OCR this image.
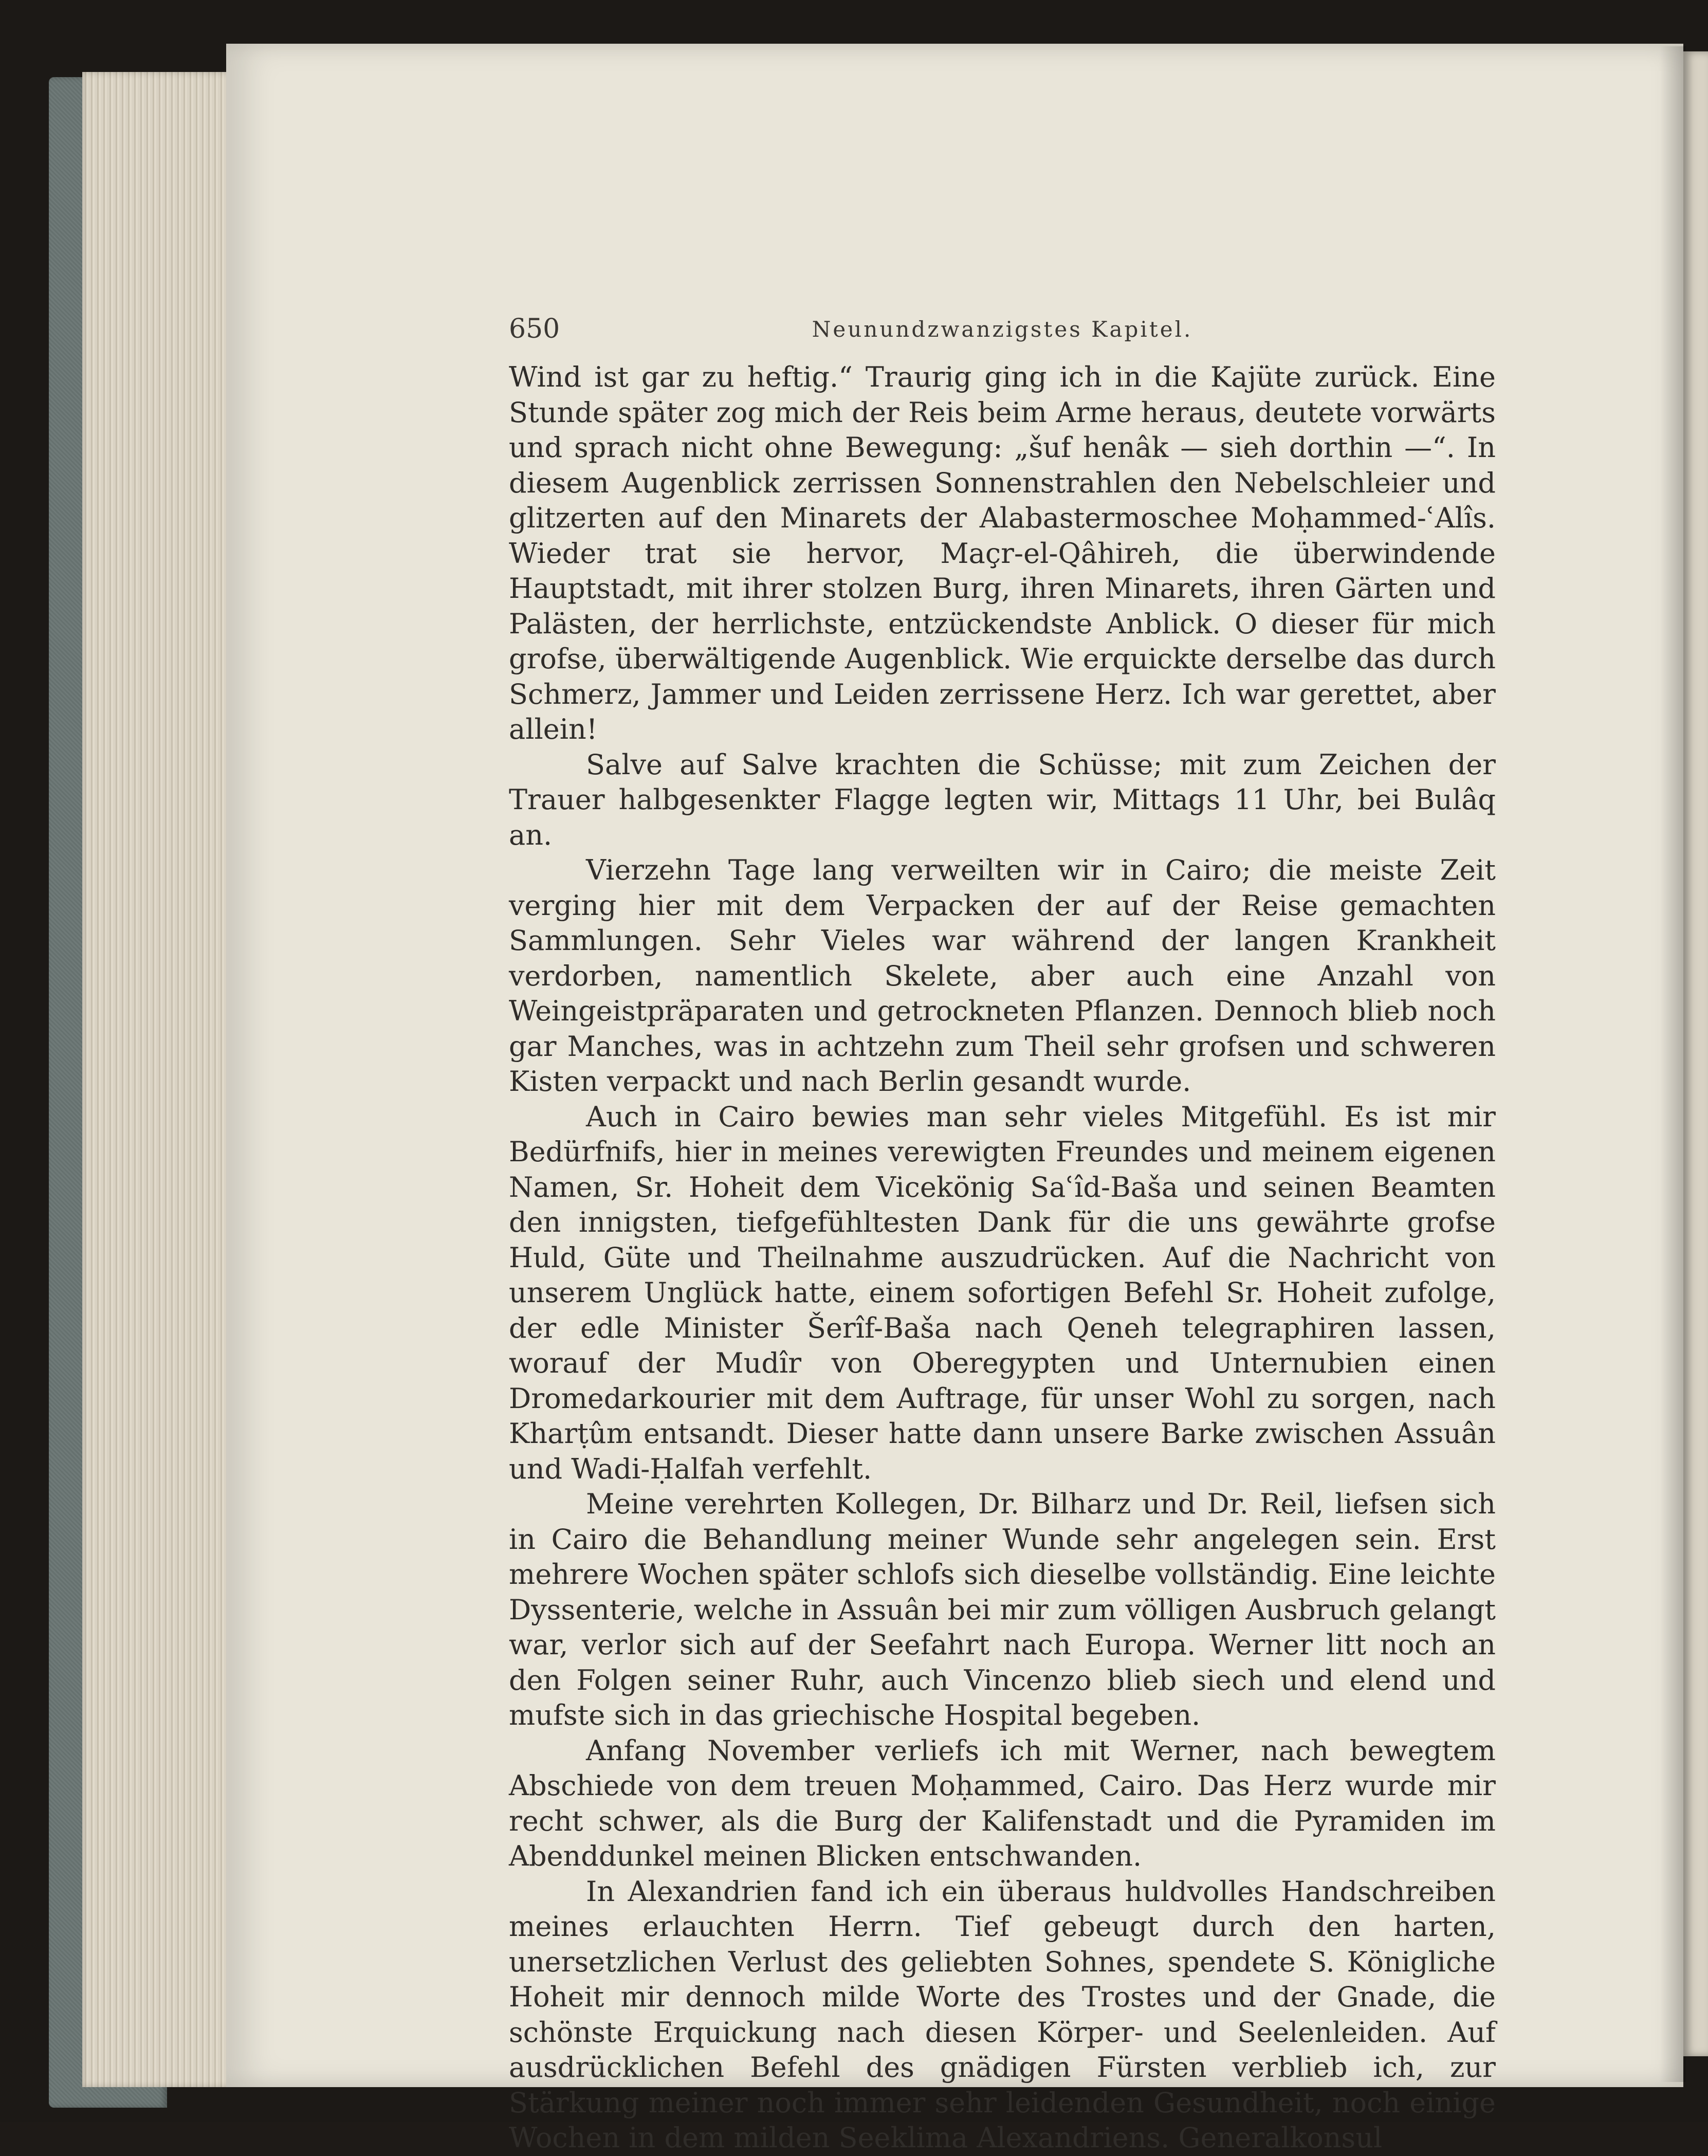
650	Neunundzwanzigstes Kapitel.

Wind ist gar zu heftig.“ Traurig ging ich in die Kajüte zurück. Eine Stunde später zog mich der Reis beim Arme heraus, deutete vorwärts und sprach nicht ohne Bewegung: „šuf henâk — sieh dorthin —“. In diesem Augenblick zerrissen Sonnenstrahlen den Nebelschleier und glitzerten auf den Minarets der Alabastermoschee Moḥammed-ʿAlîs. Wieder trat sie hervor, Maçr-el-Qâhireh, die überwindende Hauptstadt, mit ihrer stolzen Burg, ihren Minarets, ihren Gärten und Palästen, der herrlichste, entzückendste Anblick. O dieser für mich grofse, überwältigende Augenblick. Wie erquickte derselbe das durch Schmerz, Jammer und Leiden zerrissene Herz. Ich war gerettet, aber allein!

Salve auf Salve krachten die Schüsse; mit zum Zeichen der Trauer halbgesenkter Flagge legten wir, Mittags 11 Uhr, bei Bulâq an.

Vierzehn Tage lang verweilten wir in Cairo; die meiste Zeit verging hier mit dem Verpacken der auf der Reise gemachten Sammlungen. Sehr Vieles war während der langen Krankheit verdorben, namentlich Skelete, aber auch eine Anzahl von Weingeistpräparaten und getrockneten Pflanzen. Dennoch blieb noch gar Manches, was in achtzehn zum Theil sehr grofsen und schweren Kisten verpackt und nach Berlin gesandt wurde.

Auch in Cairo bewies man sehr vieles Mitgefühl. Es ist mir Bedürfnifs, hier in meines verewigten Freundes und meinem eigenen Namen, Sr. Hoheit dem Vicekönig Saʿîd-Baša und seinen Beamten den innigsten, tiefgefühltesten Dank für die uns gewährte grofse Huld, Güte und Theilnahme auszudrücken. Auf die Nachricht von unserem Unglück hatte, einem sofortigen Befehl Sr. Hoheit zufolge, der edle Minister Šerîf-Baša nach Qeneh telegraphiren lassen, worauf der Mudîr von Oberegypten und Unternubien einen Dromedarkourier mit dem Auftrage, für unser Wohl zu sorgen, nach Kharṭûm entsandt. Dieser hatte dann unsere Barke zwischen Assuân und Wadi-Ḥalfah verfehlt.

Meine verehrten Kollegen, Dr. Bilharz und Dr. Reil, liefsen sich in Cairo die Behandlung meiner Wunde sehr angelegen sein. Erst mehrere Wochen später schlofs sich dieselbe vollständig. Eine leichte Dyssenterie, welche in Assuân bei mir zum völligen Ausbruch gelangt war, verlor sich auf der Seefahrt nach Europa. Werner litt noch an den Folgen seiner Ruhr, auch Vincenzo blieb siech und elend und mufste sich in das griechische Hospital begeben.

Anfang November verliefs ich mit Werner, nach bewegtem Abschiede von dem treuen Moḥammed, Cairo. Das Herz wurde mir recht schwer, als die Burg der Kalifenstadt und die Pyramiden im Abenddunkel meinen Blicken entschwanden.

In Alexandrien fand ich ein überaus huldvolles Handschreiben meines erlauchten Herrn. Tief gebeugt durch den harten, unersetzlichen Verlust des geliebten Sohnes, spendete S. Königliche Hoheit mir dennoch milde Worte des Trostes und der Gnade, die schönste Erquickung nach diesen Körper- und Seelenleiden. Auf ausdrücklichen Befehl des gnädigen Fürsten verblieb ich, zur Stärkung meiner noch immer sehr leidenden Gesundheit, noch einige Wochen in dem milden Seeklima Alexandriens. Generalkonsul
